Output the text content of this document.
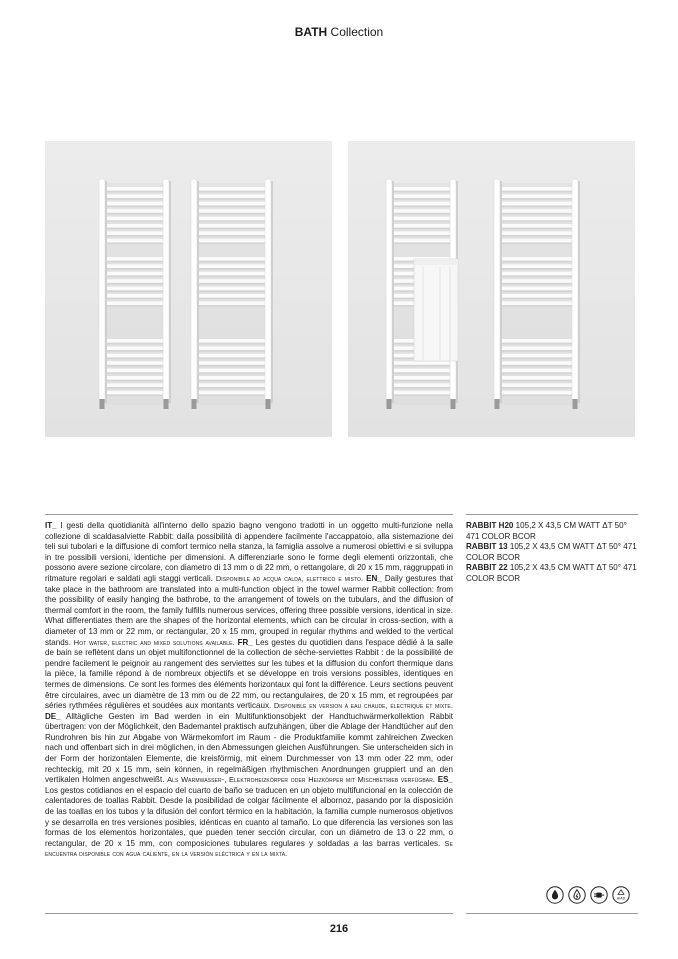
BATH Collection
IT_ I gesti della quotidianità all'interno dello spazio bagno vengono tradotti in un oggetto multi-funzione nella collezione di scaldasalviette Rabbit: dalla possibilità di appendere facilmente l'accappatoio, alla sistemazione dei teli sui tubolari e la diffusione di comfort termico nella stanza, la famiglia assolve a numerosi obiettivi e si sviluppa in tre possibili versioni, identiche per dimensioni. A differenziarle sono le forme degli elementi orizzontali, che possono avere sezione circolare, con diametro di 13 mm o di 22 mm, o rettangolare, di 20 x 15 mm, raggruppati in ritmature regolari e saldati agli staggi verticali. Disponibile ad acqua calda, elettrico e misto. EN_ Daily gestures that take place in the bathroom are translated into a multi-function object in the towel warmer Rabbit collection: from the possibility of easily hanging the bathrobe, to the arrangement of towels on the tubulars, and the diffusion of thermal comfort in the room, the family fulfills numerous services, offering three possible versions, identical in size. What differentiates them are the shapes of the horizontal elements, which can be circular in cross-section, with a diameter of 13 mm or 22 mm, or rectangular, 20 x 15 mm, grouped in regular rhythms and welded to the vertical stands. Hot water, electric and mixed solutions available. FR_ Les gestes du quotidien dans l'espace dédié à la salle de bain se reflètent dans un objet multifonctionnel de la collection de sèche-serviettes Rabbit : de la possibilité de pendre facilement le peignoir au rangement des serviettes sur les tubes et la diffusion du confort thermique dans la pièce, la famille répond à de nombreux objectifs et se développe en trois versions possibles, identiques en termes de dimensions. Ce sont les formes des éléments horizontaux qui font la différence. Leurs sections peuvent être circulaires, avec un diamètre de 13 mm ou de 22 mm, ou rectangulaires, de 20 x 15 mm, et regroupées par séries rythmées régulières et soudées aux montants verticaux. Disponible en version à eau chaude, électrique et mixte. DE_ Alltägliche Gesten im Bad werden in ein Multifunktionsobjekt der Handtuchwärmerkollektion Rabbit übertragen: von der Möglichkeit, den Bademantel praktisch aufzuhängen, über die Ablage der Handtücher auf den Rundrohren bis hin zur Abgabe von Wärmekomfort im Raum - die Produktfamilie kommt zahlreichen Zwecken nach und offenbart sich in drei möglichen, in den Abmessungen gleichen Ausführungen. Sie unterscheiden sich in der Form der horizontalen Elemente, die kreisförmig, mit einem Durchmesser von 13 mm oder 22 mm, oder rechteckig, mit 20 x 15 mm, sein können, in regelmäßigen rhythmischen Anordnungen gruppiert und an den vertikalen Holmen angeschweißt. Als Warmwasser-, Elektroheizkörper oder Heizkörper mit Mischbetrieb verfügbar. ES_ Los gestos cotidianos en el espacio del cuarto de baño se traducen en un objeto multifuncional en la colección de calentadores de toallas Rabbit. Desde la posibilidad de colgar fácilmente el albornoz, pasando por la disposición de las toallas en los tubos y la difusión del confort térmico en la habitación, la familia cumple numerosos objetivos y se desarrolla en tres versiones posibles, idénticas en cuanto al tamaño. Lo que diferencia las versiones son las formas de los elementos horizontales, que pueden tener sección circular, con un diámetro de 13 o 22 mm, o rectangular, de 20 x 15 mm, con composiciones tubulares regulares y soldadas a las barras verticales. Se encuentra disponible con agua caliente, en la versión eléctrica y en la mixta.
RABBIT H20 105,2 X 43,5 CM WATT ΔT 50° 471 COLOR BCOR
RABBIT 13 105,2 X 43,5 CM WATT ΔT 50° 471 COLOR BCOR
RABBIT 22 105,2 X 43,5 CM WATT ΔT 50° 471 COLOR BCOR
AIAD
216
